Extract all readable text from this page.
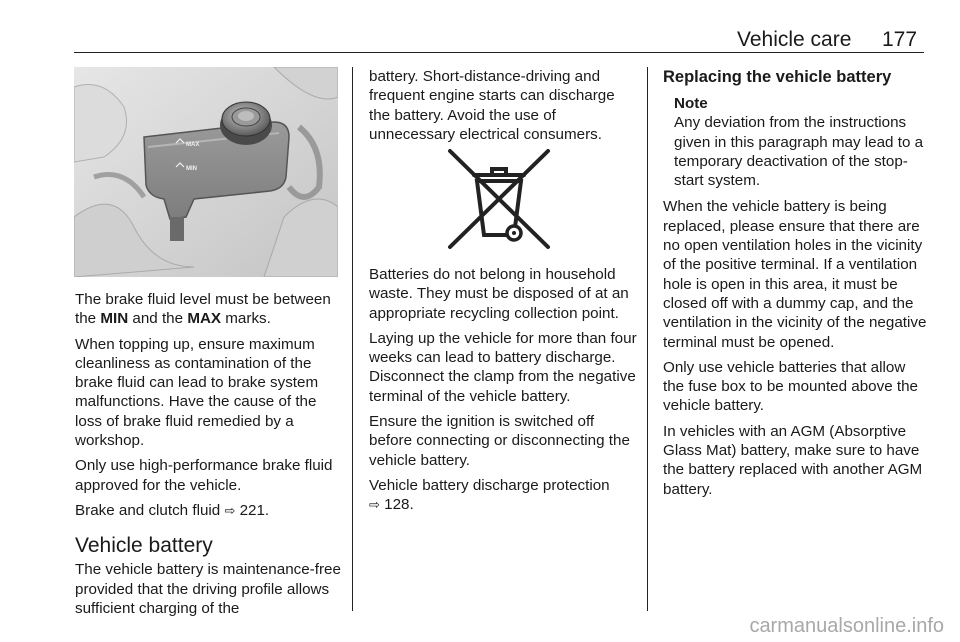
Vehicle care 177
MAX
MIN

The brake fluid level must be between the MIN and the MAX marks.

When topping up, ensure maximum cleanliness as contamination of the brake fluid can lead to brake system malfunctions. Have the cause of the loss of brake fluid remedied by a workshop.

Only use high-performance brake fluid approved for the vehicle.

Brake and clutch fluid ⇨ 221.

Vehicle battery

The vehicle battery is maintenance-free provided that the driving profile allows sufficient charging of the

battery. Short-distance-driving and frequent engine starts can discharge the battery. Avoid the use of unnecessary electrical consumers.

Batteries do not belong in household waste. They must be disposed of at an appropriate recycling collection point.

Laying up the vehicle for more than four weeks can lead to battery discharge. Disconnect the clamp from the negative terminal of the vehicle battery.

Ensure the ignition is switched off before connecting or disconnecting the vehicle battery.

Vehicle battery discharge protection
⇨ 128.

Replacing the vehicle battery
Note
Any deviation from the instructions given in this paragraph may lead to a temporary deactivation of the stop-start system.

When the vehicle battery is being replaced, please ensure that there are no open ventilation holes in the vicinity of the positive terminal. If a ventilation hole is open in this area, it must be closed off with a dummy cap, and the ventilation in the vicinity of the negative terminal must be opened.

Only use vehicle batteries that allow the fuse box to be mounted above the vehicle battery.

In vehicles with an AGM (Absorptive Glass Mat) battery, make sure to have the battery replaced with another AGM battery.

carmanualsonline.info
